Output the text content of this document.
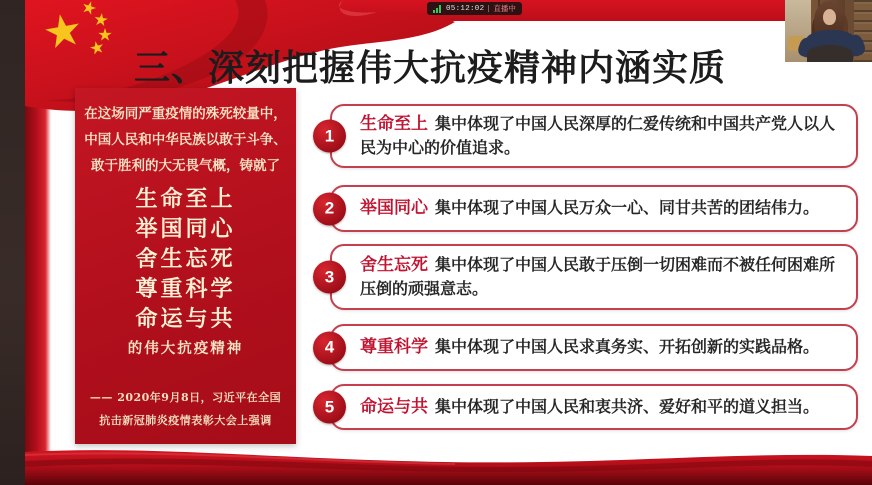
05:12:02 直播中
三、深刻把握伟大抗疫精神内涵实质
在这场同严重疫情的殊死较量中，
中国人民和中华民族以敢于斗争、
敢于胜利的大无畏气概，铸就了
生命至上
举国同心
舍生忘死
尊重科学
命运与共
的伟大抗疫精神
—— 2020年9月8日，习近平在全国
抗击新冠肺炎疫情表彰大会上强调
1

生命至上 集中体现了中国人民深厚的仁爱传统和中国共产党人以人民为中心的价值追求。

2	举国同心 集中体现了中国人民万众一心、同甘共苦的团结伟力。

3

舍生忘死 集中体现了中国人民敢于压倒一切困难而不被任何困难所压倒的顽强意志。

4	尊重科学 集中体现了中国人民求真务实、开拓创新的实践品格。

5	命运与共 集中体现了中国人民和衷共济、爱好和平的道义担当。
